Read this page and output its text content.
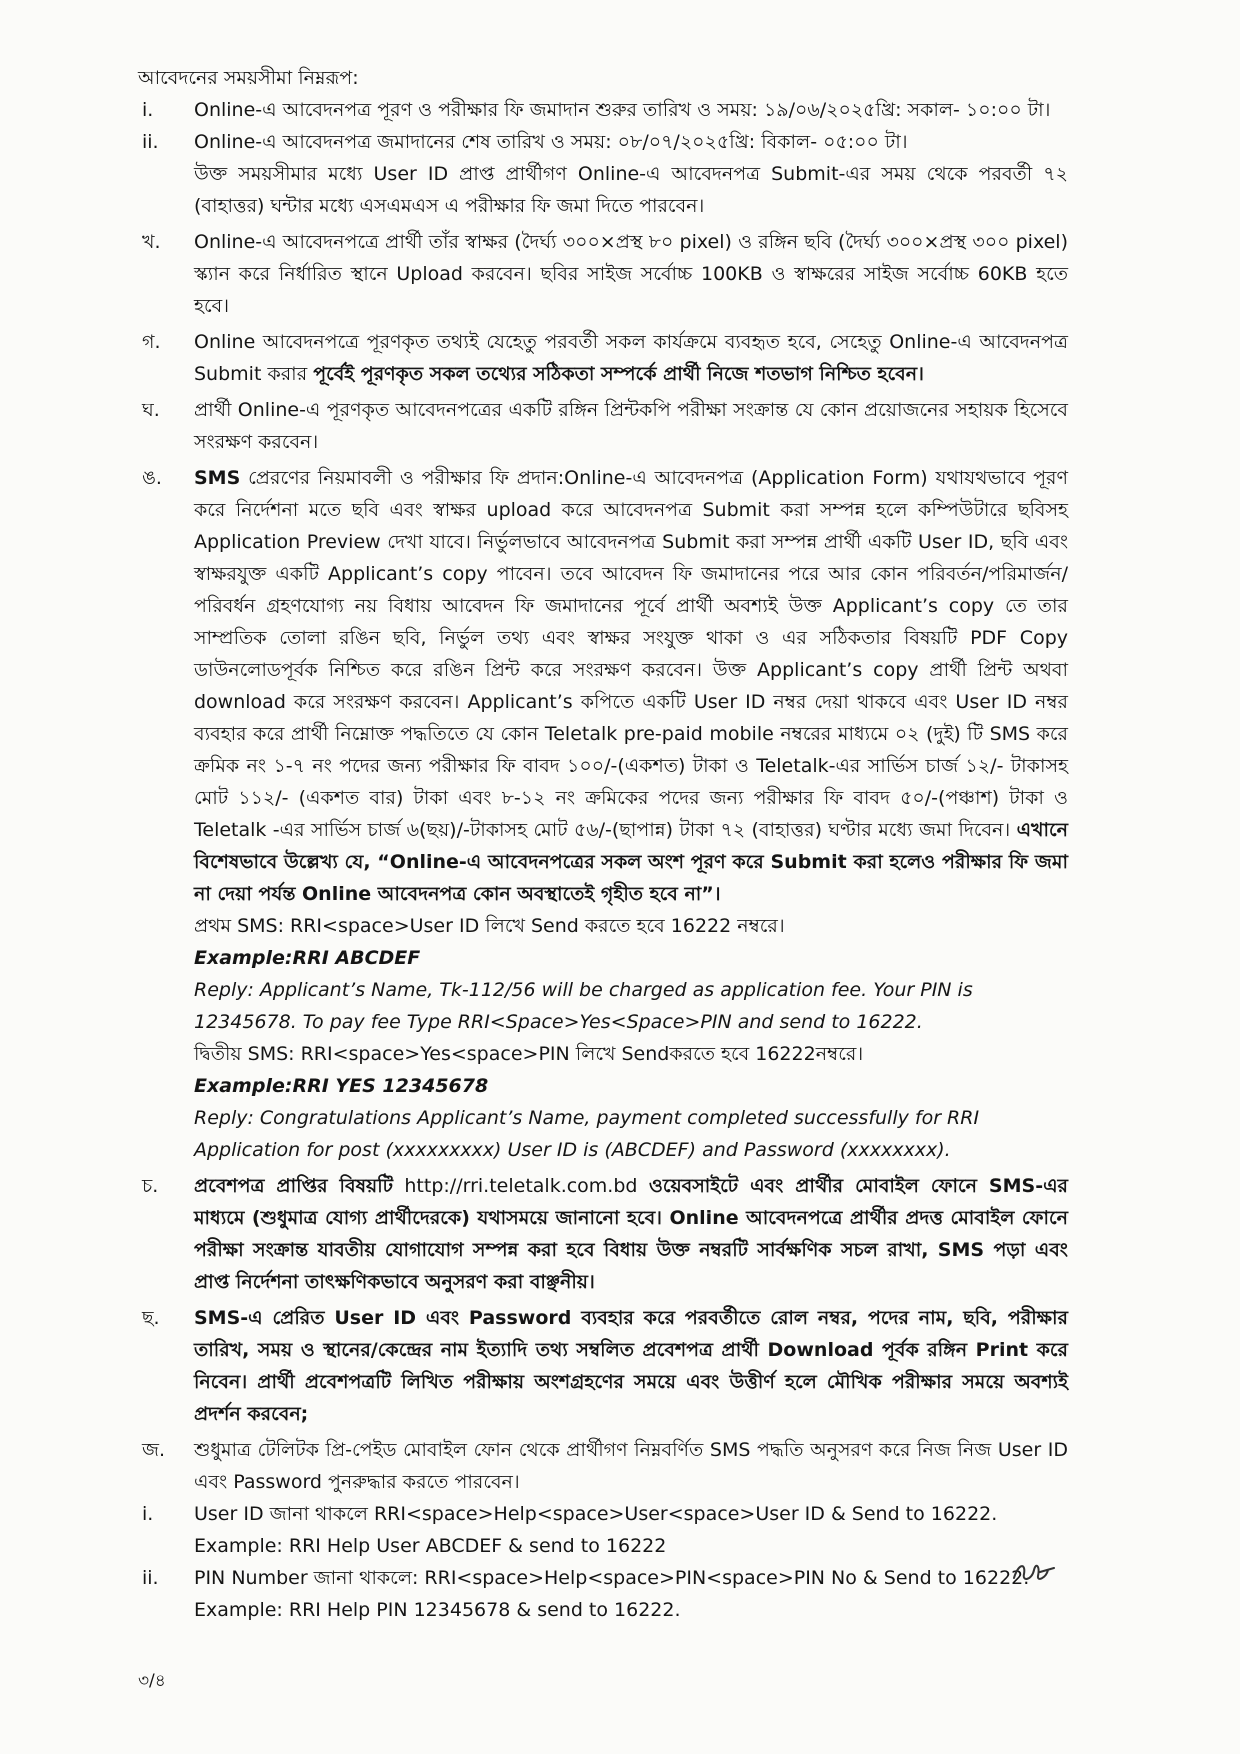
আবেদনের সময়সীমা নিম্নরূপ:

i.	Online-এ আবেদনপত্র পূরণ ও পরীক্ষার ফি জমাদান শুরুর তারিখ ও সময়: ১৯/০৬/২০২৫খ্রি: সকাল- ১০:০০ টা।
ii.	Online-এ আবেদনপত্র জমাদানের শেষ তারিখ ও সময়: ০৮/০৭/২০২৫খ্রি: বিকাল- ০৫:০০ টা।
উক্ত সময়সীমার মধ্যে User ID প্রাপ্ত প্রার্থীগণ Online-এ আবেদনপত্র Submit-এর সময় থেকে পরবর্তী ৭২ (বাহাত্তর) ঘন্টার মধ্যে এসএমএস এ পরীক্ষার ফি জমা দিতে পারবেন।
খ.	Online-এ আবেদনপত্রে প্রার্থী তাঁর স্বাক্ষর (দৈর্ঘ্য ৩০০×প্রস্থ ৮০ pixel) ও রঙ্গিন ছবি (দৈর্ঘ্য ৩০০×প্রস্থ ৩০০ pixel) স্ক্যান করে নির্ধারিত স্থানে Upload করবেন। ছবির সাইজ সর্বোচ্চ 100KB ও স্বাক্ষরের সাইজ সর্বোচ্চ 60KB হতে হবে।
গ.	Online আবেদনপত্রে পূরণকৃত তথ্যই যেহেতু পরবর্তী সকল কার্যক্রমে ব্যবহৃত হবে, সেহেতু Online-এ আবেদনপত্র Submit করার পূর্বেই পূরণকৃত সকল তথ্যের সঠিকতা সম্পর্কে প্রার্থী নিজে শতভাগ নিশ্চিত হবেন।
ঘ.	প্রার্থী Online-এ পূরণকৃত আবেদনপত্রের একটি রঙ্গিন প্রিন্টকপি পরীক্ষা সংক্রান্ত যে কোন প্রয়োজনের সহায়ক হিসেবে সংরক্ষণ করবেন।
ঙ.	SMS প্রেরণের নিয়মাবলী ও পরীক্ষার ফি প্রদান:Online-এ আবেদনপত্র (Application Form) যথাযথভাবে পূরণ করে নির্দেশনা মতে ছবি এবং স্বাক্ষর upload করে আবেদনপত্র Submit করা সম্পন্ন হলে কম্পিউটারে ছবিসহ Application Preview দেখা যাবে। নির্ভুলভাবে আবেদনপত্র Submit করা সম্পন্ন প্রার্থী একটি User ID, ছবি এবং স্বাক্ষরযুক্ত একটি Applicant’s copy পাবেন। তবে আবেদন ফি জমাদানের পরে আর কোন পরিবর্তন/পরিমার্জন/পরিবর্ধন গ্রহণযোগ্য নয় বিধায় আবেদন ফি জমাদানের পূর্বে প্রার্থী অবশ্যই উক্ত Applicant’s copy তে তার সাম্প্রতিক তোলা রঙিন ছবি, নির্ভুল তথ্য এবং স্বাক্ষর সংযুক্ত থাকা ও এর সঠিকতার বিষয়টি PDF Copy ডাউনলোডপূর্বক নিশ্চিত করে রঙিন প্রিন্ট করে সংরক্ষণ করবেন। উক্ত Applicant’s copy প্রার্থী প্রিন্ট অথবা download করে সংরক্ষণ করবেন। Applicant’s কপিতে একটি User ID নম্বর দেয়া থাকবে এবং User ID নম্বর ব্যবহার করে প্রার্থী নিম্নোক্ত পদ্ধতিতে যে কোন Teletalk pre-paid mobile নম্বরের মাধ্যমে ০২ (দুই) টি SMS করে ক্রমিক নং ১-৭ নং পদের জন্য পরীক্ষার ফি বাবদ ১০০/-(একশত) টাকা ও Teletalk-এর সার্ভিস চার্জ ১২/- টাকাসহ মোট ১১২/- (একশত বার) টাকা এবং ৮-১২ নং ক্রমিকের পদের জন্য পরীক্ষার ফি বাবদ ৫০/-(পঞ্চাশ) টাকা ও Teletalk -এর সার্ভিস চার্জ ৬(ছয়)/-টাকাসহ মোট ৫৬/-(ছাপান্ন) টাকা ৭২ (বাহাত্তর) ঘণ্টার মধ্যে জমা দিবেন। এখানে বিশেষভাবে উল্লেখ্য যে, “Online-এ আবেদনপত্রের সকল অংশ পূরণ করে Submit করা হলেও পরীক্ষার ফি জমা না দেয়া পর্যন্ত Online আবেদনপত্র কোন অবস্থাতেই গৃহীত হবে না”।
প্রথম SMS: RRI<space>User ID লিখে Send করতে হবে 16222 নম্বরে।
Example:RRI ABCDEF
Reply: Applicant’s Name, Tk-112/56 will be charged as application fee. Your PIN is 12345678. To pay fee Type RRI<Space>Yes<Space>PIN and send to 16222.
দ্বিতীয় SMS: RRI<space>Yes<space>PIN লিখে Sendকরতে হবে 16222নম্বরে।
Example:RRI YES 12345678
Reply: Congratulations Applicant’s Name, payment completed successfully for RRI Application for post (xxxxxxxxx) User ID is (ABCDEF) and Password (xxxxxxxx).
চ.	প্রবেশপত্র প্রাপ্তির বিষয়টি http://rri.teletalk.com.bd ওয়েবসাইটে এবং প্রার্থীর মোবাইল ফোনে SMS-এর মাধ্যমে (শুধুমাত্র যোগ্য প্রার্থীদেরকে) যথাসময়ে জানানো হবে। Online আবেদনপত্রে প্রার্থীর প্রদত্ত মোবাইল ফোনে পরীক্ষা সংক্রান্ত যাবতীয় যোগাযোগ সম্পন্ন করা হবে বিধায় উক্ত নম্বরটি সার্বক্ষণিক সচল রাখা, SMS পড়া এবং প্রাপ্ত নির্দেশনা তাৎক্ষণিকভাবে অনুসরণ করা বাঞ্ছনীয়।
ছ.	SMS-এ প্রেরিত User ID এবং Password ব্যবহার করে পরবর্তীতে রোল নম্বর, পদের নাম, ছবি, পরীক্ষার তারিখ, সময় ও স্থানের/কেন্দ্রের নাম ইত্যাদি তথ্য সম্বলিত প্রবেশপত্র প্রার্থী Download পূর্বক রঙ্গিন Print করে নিবেন। প্রার্থী প্রবেশপত্রটি লিখিত পরীক্ষায় অংশগ্রহণের সময়ে এবং উত্তীর্ণ হলে মৌখিক পরীক্ষার সময়ে অবশ্যই প্রদর্শন করবেন;
জ.	শুধুমাত্র টেলিটক প্রি-পেইড মোবাইল ফোন থেকে প্রার্থীগণ নিম্নবর্ণিত SMS পদ্ধতি অনুসরণ করে নিজ নিজ User ID এবং Password পুনরুদ্ধার করতে পারবেন।
i.	User ID জানা থাকলে RRI<space>Help<space>User<space>User ID & Send to 16222.
Example: RRI Help User ABCDEF & send to 16222
ii.	PIN Number জানা থাকলে: RRI<space>Help<space>PIN<space>PIN No & Send to 16222.
Example: RRI Help PIN 12345678 & send to 16222.
৩/৪
